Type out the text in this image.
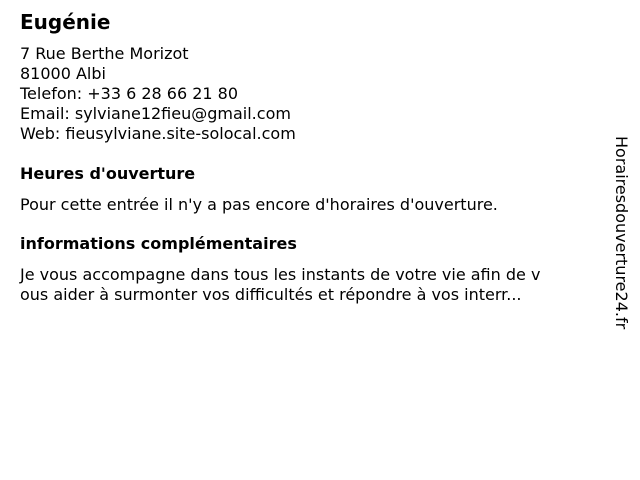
Eugénie
7 Rue Berthe Morizot
81000 Albi
Telefon: +33 6 28 66 21 80
Email: sylviane12fieu@gmail.com
Web: fieusylviane.site-solocal.com
Heures d'ouverture
Pour cette entrée il n'y a pas encore d'horaires d'ouverture.
informations complémentaires
Je vous accompagne dans tous les instants de votre vie afin de v
ous aider à surmonter vos difficultés et répondre à vos interr...	Horairesdouverture24.fr
